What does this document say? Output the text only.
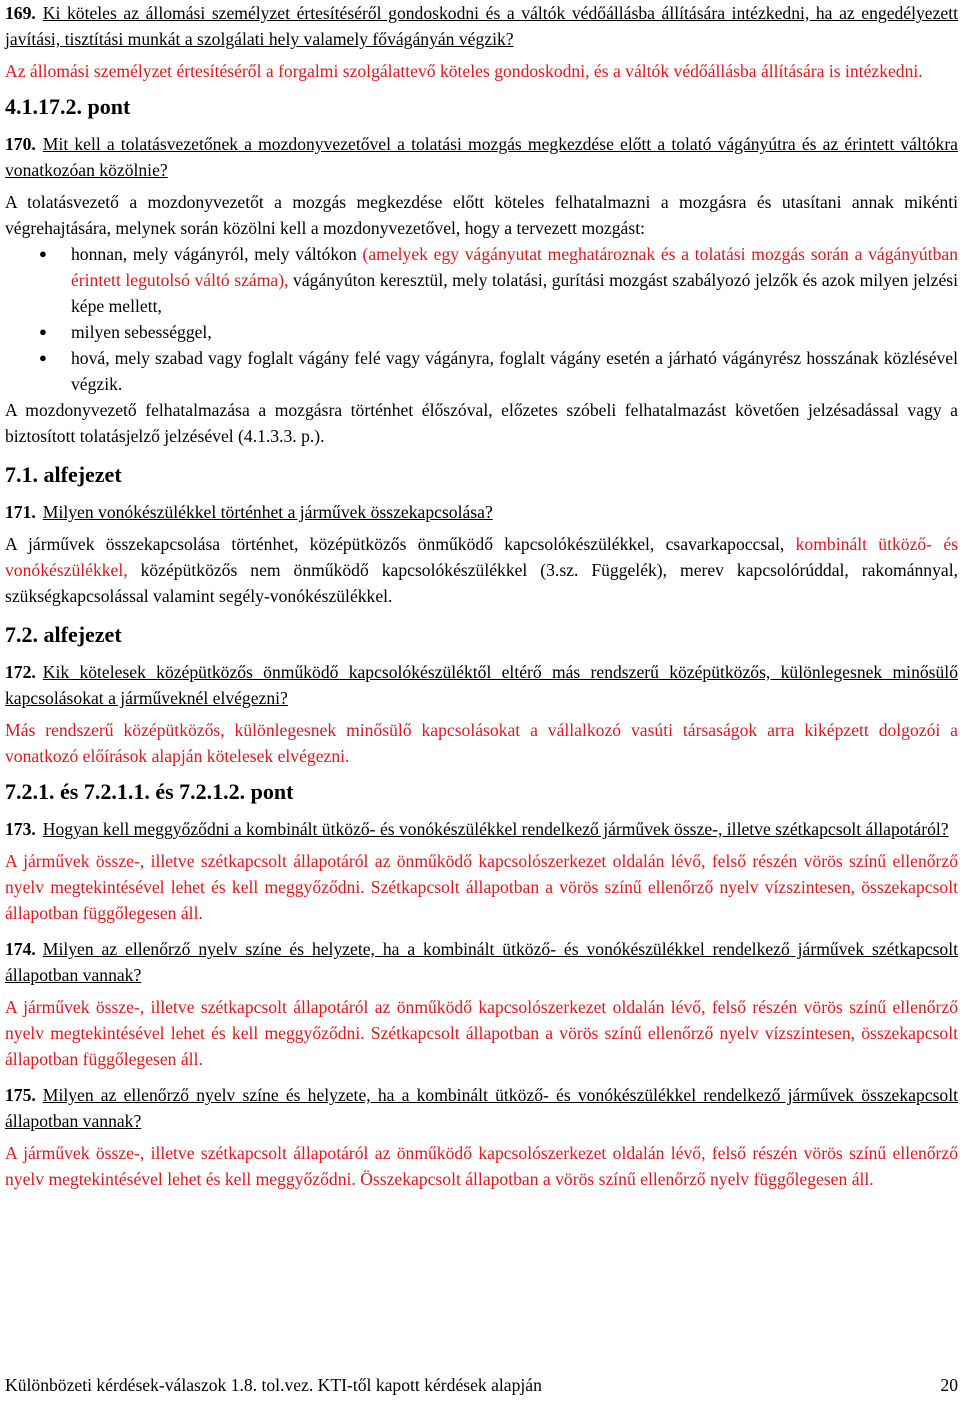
169. Ki köteles az állomási személyzet értesítéséről gondoskodni és a váltók védőállásba állítására intézkedni, ha az engedélyezett javítási, tisztítási munkát a szolgálati hely valamely fővágányán végzik?

Az állomási személyzet értesítéséről a forgalmi szolgálattevő köteles gondoskodni, és a váltók védőállásba állítására is intézkedni.

4.1.17.2. pont

170. Mit kell a tolatásvezetőnek a mozdonyvezetővel a tolatási mozgás megkezdése előtt a tolató vágányútra és az érintett váltókra vonatkozóan közölnie?

A tolatásvezető a mozdonyvezetőt a mozgás megkezdése előtt köteles felhatalmazni a mozgásra és utasítani annak mikénti végrehajtására, melynek során közölni kell a mozdonyvezetővel, hogy a tervezett mozgást:

● honnan, mely vágányról, mely váltókon (amelyek egy vágányutat meghatároznak és a tolatási mozgás során a vágányútban érintett legutolsó váltó száma), vágányúton keresztül, mely tolatási, gurítási mozgást szabályozó jelzők és azok milyen jelzési képe mellett,
● milyen sebességgel,
● hová, mely szabad vagy foglalt vágány felé vagy vágányra, foglalt vágány esetén a járható vágányrész hosszának közlésével végzik.

A mozdonyvezető felhatalmazása a mozgásra történhet élőszóval, előzetes szóbeli felhatalmazást követően jelzésadással vagy a biztosított tolatásjelző jelzésével (4.1.3.3. p.).

7.1. alfejezet

171. Milyen vonókészülékkel történhet a járművek összekapcsolása?

A járművek összekapcsolása történhet, középütközős önműködő kapcsolókészülékkel, csavarkapoccsal, kombinált ütköző- és vonókészülékkel, középütközős nem önműködő kapcsolókészülékkel (3.sz. Függelék), merev kapcsolórúddal, rakománnyal, szükségkapcsolással valamint segély-vonókészülékkel.

7.2. alfejezet

172. Kik kötelesek középütközős önműködő kapcsolókészüléktől eltérő más rendszerű középütközős, különlegesnek minősülő kapcsolásokat a járműveknél elvégezni?

Más rendszerű középütközős, különlegesnek minősülő kapcsolásokat a vállalkozó vasúti társaságok arra kiképzett dolgozói a vonatkozó előírások alapján kötelesek elvégezni.

7.2.1. és 7.2.1.1. és 7.2.1.2. pont

173. Hogyan kell meggyőződni a kombinált ütköző- és vonókészülékkel rendelkező járművek össze-, illetve szétkapcsolt állapotáról?

A járművek össze-, illetve szétkapcsolt állapotáról az önműködő kapcsolószerkezet oldalán lévő, felső részén vörös színű ellenőrző nyelv megtekintésével lehet és kell meggyőződni. Szétkapcsolt állapotban a vörös színű ellenőrző nyelv vízszintesen, összekapcsolt állapotban függőlegesen áll.

174. Milyen az ellenőrző nyelv színe és helyzete, ha a kombinált ütköző- és vonókészülékkel rendelkező járművek szétkapcsolt állapotban vannak?

A járművek össze-, illetve szétkapcsolt állapotáról az önműködő kapcsolószerkezet oldalán lévő, felső részén vörös színű ellenőrző nyelv megtekintésével lehet és kell meggyőződni. Szétkapcsolt állapotban a vörös színű ellenőrző nyelv vízszintesen, összekapcsolt állapotban függőlegesen áll.

175. Milyen az ellenőrző nyelv színe és helyzete, ha a kombinált ütköző- és vonókészülékkel rendelkező járművek összekapcsolt állapotban vannak?

A járművek össze-, illetve szétkapcsolt állapotáról az önműködő kapcsolószerkezet oldalán lévő, felső részén vörös színű ellenőrző nyelv megtekintésével lehet és kell meggyőződni. Összekapcsolt állapotban a vörös színű ellenőrző nyelv függőlegesen áll.

Különbözeti kérdések-válaszok 1.8. tol.vez. KTI-től kapott kérdések alapján	20
